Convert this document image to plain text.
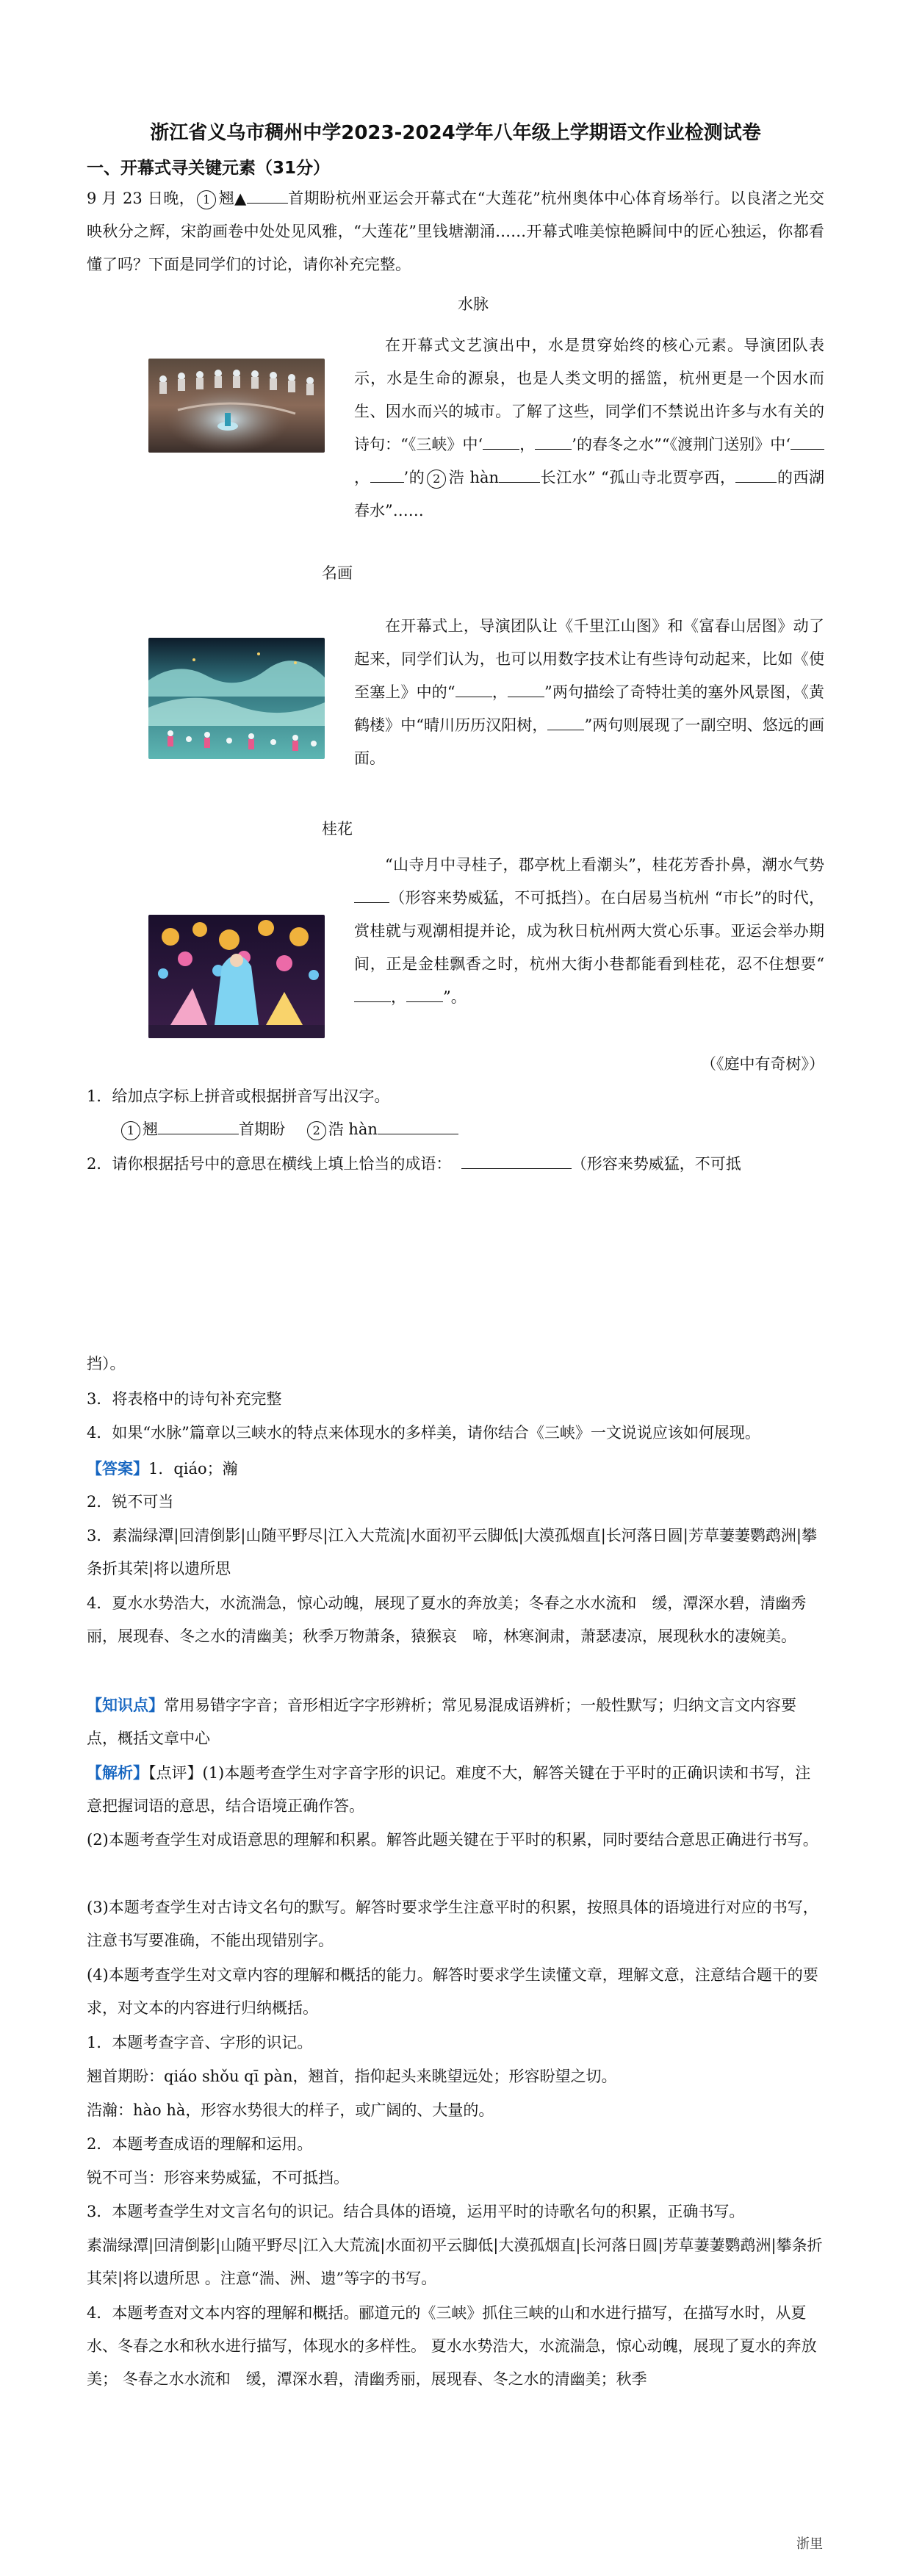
浙江省义乌市稠州中学2023-2024学年八年级上学期语文作业检测试卷
一、开幕式寻关键元素（31分）
9 月 23 日晚， 1 翘▲	首期盼杭州亚运会开幕式在“大莲花”杭州奥体中心体育场举行。以良渚之光交映秋分之辉，宋韵画卷中处处见风雅，“大莲花”里钱塘潮涌……开幕式唯美惊艳瞬间中的匠心独运，你都看懂了吗？下面是同学们的讨论，请你补充完整。
水脉
在开幕式文艺演出中，水是贯穿始终的核心元素。导演团队表示，水是生命的源泉，也是人类文明的摇篮，杭州更是一个因水而生、因水而兴的城市。了解了这些，同学们不禁说出许多与水有关的诗句：“《三峡》中‘ ， ’的春冬之水”“《渡荆门送别》中‘， ’的 2 浩 hàn	长江水” “孤山寺北贾亭西，	的西湖春水”……
名画
在开幕式上，导演团队让《千里江山图》和《富春山居图》动了起来，同学们认为，也可以用数字技术让有些诗句动起来，比如《使至塞上》中的“ ， ”两句描绘了奇特壮美的塞外风景图，《黄鹤楼》中“晴川历历汉阳树， ”两句则展现了一副空明、悠远的画面。
桂花
“山寺月中寻桂子，郡亭枕上看潮头”，桂花芳香扑鼻，潮水气势（形容来势威猛，不可抵挡）。在白居易当杭州 “市长”的时代，赏桂就与观潮相提并论，成为秋日杭州两大赏心乐事。亚运会举办期间，正是金桂飘香之时，杭州大街小巷都能看到桂花，忍不住想要“， ”。
（《庭中有奇树》）
1．给加点字标上拼音或根据拼音写出汉字。
1 翘	首期盼 2 浩 hàn
2．请你根据括号中的意思在横线上填上恰当的成语：	（形容来势威猛，不可抵
挡）。
3．将表格中的诗句补充完整
4．如果“水脉”篇章以三峡水的特点来体现水的多样美，请你结合《三峡》一文说说应该如何展现。
【答案】1．qiáo；瀚
2．锐不可当
3．素湍绿潭|回清倒影|山随平野尽|江入大荒流|水面初平云脚低|大漠孤烟直|长河落日圆|芳草萋萋鹦鹉洲|攀条折其荣|将以遗所思
4．夏水水势浩大，水流湍急，惊心动魄，展现了夏水的奔放美；冬春之水水流和　缓，潭深水碧，清幽秀丽，展现春、冬之水的清幽美；秋季万物萧条，猿猴哀　啼，林寒涧肃，萧瑟凄凉，展现秋水的凄婉美。
【知识点】常用易错字字音；音形相近字字形辨析；常见易混成语辨析；一般性默写；归纳文言文内容要点，概括文章中心
【解析】【点评】(1)本题考查学生对字音字形的识记。难度不大，解答关键在于平时的正确识读和书写，注意把握词语的意思，结合语境正确作答。
(2)本题考查学生对成语意思的理解和积累。解答此题关键在于平时的积累，同时要结合意思正确进行书写。
(3)本题考查学生对古诗文名句的默写。解答时要求学生注意平时的积累，按照具体的语境进行对应的书写，注意书写要准确，不能出现错别字。
(4)本题考查学生对文章内容的理解和概括的能力。解答时要求学生读懂文章，理解文意，注意结合题干的要求，对文本的内容进行归纳概括。
1．本题考查字音、字形的识记。
翘首期盼：qiáo shǒu qī pàn，翘首，指仰起头来眺望远处；形容盼望之切。
浩瀚：hào hà，形容水势很大的样子，或广阔的、大量的。
2．本题考查成语的理解和运用。
锐不可当：形容来势威猛，不可抵挡。
3．本题考查学生对文言名句的识记。结合具体的语境，运用平时的诗歌名句的积累，正确书写。
素湍绿潭|回清倒影|山随平野尽|江入大荒流|水面初平云脚低|大漠孤烟直|长河落日圆|芳草萋萋鹦鹉洲|攀条折其荣|将以遗所思 。注意“湍、洲、遗”等字的书写。
4．本题考查对文本内容的理解和概括。郦道元的《三峡》抓住三峡的山和水进行描写，在描写水时，从夏水、冬春之水和秋水进行描写，体现水的多样性。 夏水水势浩大，水流湍急，惊心动魄，展现了夏水的奔放美； 冬春之水水流和　缓，潭深水碧，清幽秀丽，展现春、冬之水的清幽美；秋季
浙里
